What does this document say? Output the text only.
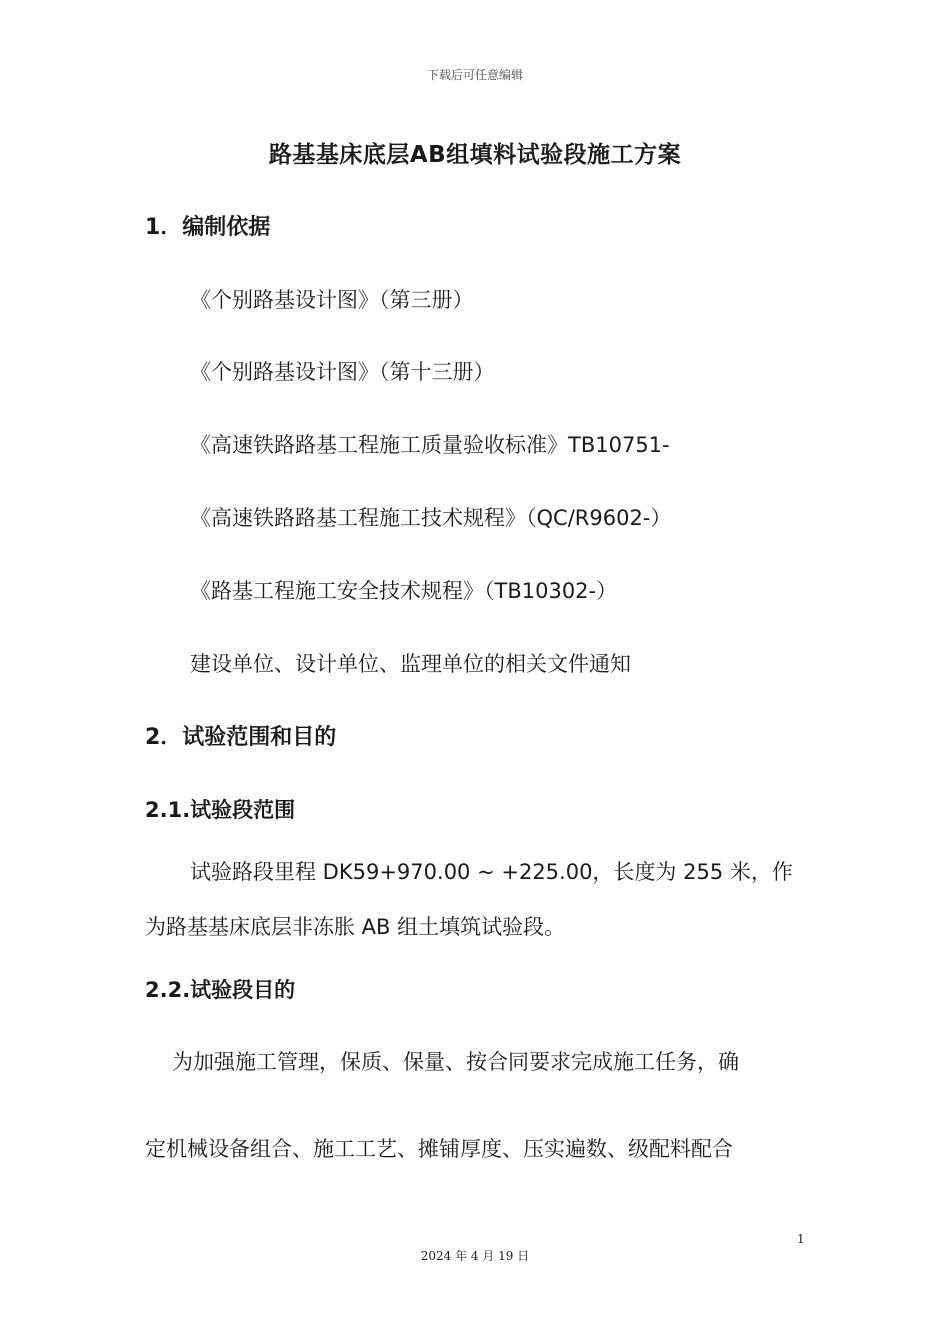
下载后可任意编辑
路基基床底层AB组填料试验段施工方案
1．编制依据
《个别路基设计图》（第三册）
《个别路基设计图》（第十三册）
《高速铁路路基工程施工质量验收标准》TB10751-
《高速铁路路基工程施工技术规程》（QC/R9602-）
《路基工程施工安全技术规程》（TB10302-）
建设单位、设计单位、监理单位的相关文件通知
2．试验范围和目的
2.1.试验段范围
试验路段里程 DK59+970.00 ~ +225.00，长度为 255 米，作
为路基基床底层非冻胀 AB 组土填筑试验段。
2.2.试验段目的
为加强施工管理，保质、保量、按合同要求完成施工任务，确
定机械设备组合、施工工艺、摊铺厚度、压实遍数、级配料配合
1
2024 年 4 月 19 日
